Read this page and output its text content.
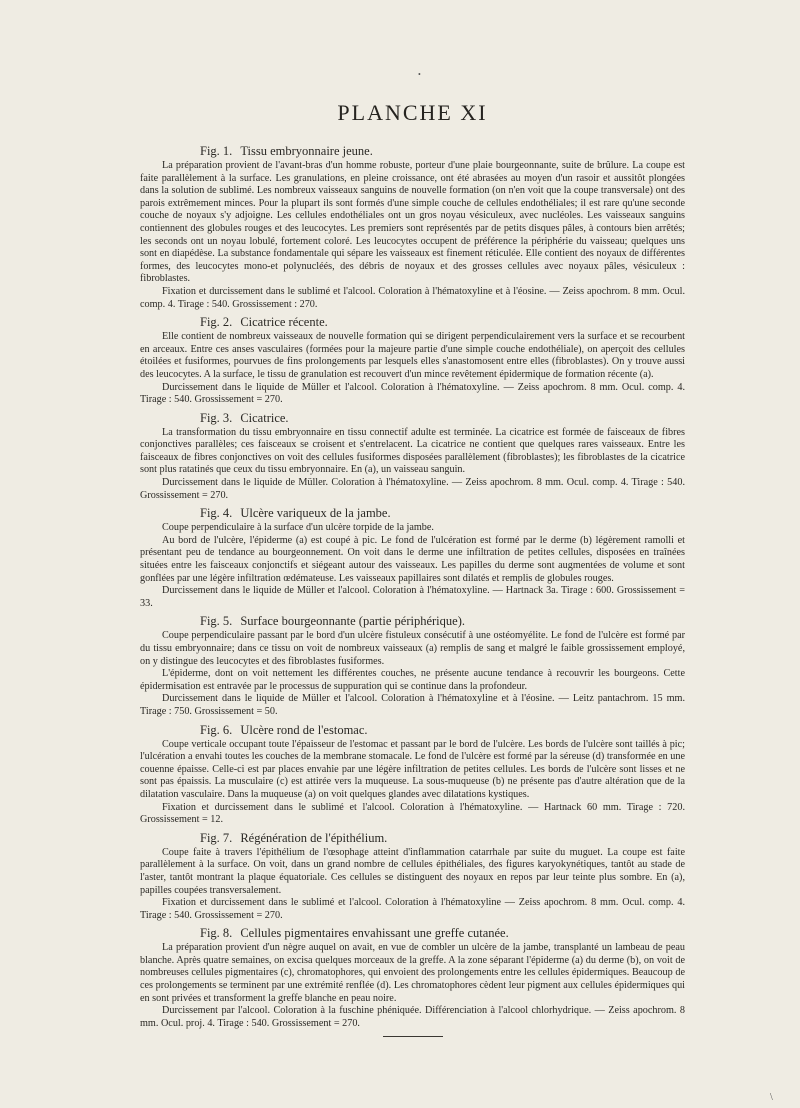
•
PLANCHE XI
Fig. 1. Tissu embryonnaire jeune.

La préparation provient de l'avant-bras d'un homme robuste, porteur d'une plaie bourgeonnante, suite de brûlure. La coupe est faite parallèlement à la surface. Les granulations, en pleine croissance, ont été abrasées au moyen d'un rasoir et aussitôt plongées dans la solution de sublimé. Les nombreux vaisseaux sanguins de nouvelle formation (on n'en voit que la coupe transversale) ont des parois extrêmement minces. Pour la plupart ils sont formés d'une simple couche de cellules endothéliales; il est rare qu'une seconde couche de noyaux s'y adjoigne. Les cellules endothéliales ont un gros noyau vésiculeux, avec nucléoles. Les vaisseaux sanguins contiennent des globules rouges et des leucocytes. Les premiers sont représentés par de petits disques pâles, à contours bien arrêtés; les seconds ont un noyau lobulé, fortement coloré. Les leucocytes occupent de préférence la périphérie du vaisseau; quelques uns sont en diapédèse. La substance fondamentale qui sépare les vaisseaux est finement réticulée. Elle contient des noyaux de différentes formes, des leucocytes mono-et polynucléés, des débris de noyaux et des grosses cellules avec noyaux pâles, vésiculeux : fibroblastes.

Fixation et durcissement dans le sublimé et l'alcool. Coloration à l'hématoxyline et à l'éosine. — Zeiss apochrom. 8 mm. Ocul. comp. 4. Tirage : 540. Grossissement : 270.

Fig. 2. Cicatrice récente.

Elle contient de nombreux vaisseaux de nouvelle formation qui se dirigent perpendiculairement vers la surface et se recourbent en arceaux. Entre ces anses vasculaires (formées pour la majeure partie d'une simple couche endothéliale), on aperçoit des cellules étoilées et fusiformes, pourvues de fins prolongements par lesquels elles s'anastomosent entre elles (fibroblastes). On y trouve aussi des leucocytes. A la surface, le tissu de granulation est recouvert d'un mince revêtement épidermique de formation récente (a).

Durcissement dans le liquide de Müller et l'alcool. Coloration à l'hématoxyline. — Zeiss apochrom. 8 mm. Ocul. comp. 4. Tirage : 540. Grossissement = 270.

Fig. 3. Cicatrice.

La transformation du tissu embryonnaire en tissu connectif adulte est terminée. La cicatrice est formée de faisceaux de fibres conjonctives parallèles; ces faisceaux se croisent et s'entrelacent. La cicatrice ne contient que quelques rares vaisseaux. Entre les faisceaux de fibres conjonctives on voit des cellules fusiformes disposées parallèlement (fibroblastes); les fibroblastes de la cicatrice sont plus ratatinés que ceux du tissu embryonnaire. En (a), un vaisseau sanguin.

Durcissement dans le liquide de Müller. Coloration à l'hématoxyline. — Zeiss apochrom. 8 mm. Ocul. comp. 4. Tirage : 540. Grossissement = 270.

Fig. 4. Ulcère variqueux de la jambe.

Coupe perpendiculaire à la surface d'un ulcère torpide de la jambe.

Au bord de l'ulcère, l'épiderme (a) est coupé à pic. Le fond de l'ulcération est formé par le derme (b) légèrement ramolli et présentant peu de tendance au bourgeonnement. On voit dans le derme une infiltration de petites cellules, disposées en traînées situées entre les faisceaux conjonctifs et siégeant autour des vaisseaux. Les papilles du derme sont augmentées de volume et sont gonflées par une légère infiltration œdémateuse. Les vaisseaux papillaires sont dilatés et remplis de globules rouges.

Durcissement dans le liquide de Müller et l'alcool. Coloration à l'hématoxyline. — Hartnack 3a. Tirage : 600. Grossissement = 33.

Fig. 5. Surface bourgeonnante (partie périphérique).

Coupe perpendiculaire passant par le bord d'un ulcère fistuleux consécutif à une ostéomyélite. Le fond de l'ulcère est formé par du tissu embryonnaire; dans ce tissu on voit de nombreux vaisseaux (a) remplis de sang et malgré le faible grossissement employé, on y distingue des leucocytes et des fibroblastes fusiformes.

L'épiderme, dont on voit nettement les différentes couches, ne présente aucune tendance à recouvrir les bourgeons. Cette épidermisation est entravée par le processus de suppuration qui se continue dans la profondeur.

Durcissement dans le liquide de Müller et l'alcool. Coloration à l'hématoxyline et à l'éosine. — Leitz pantachrom. 15 mm. Tirage : 750. Grossissement = 50.

Fig. 6. Ulcère rond de l'estomac.

Coupe verticale occupant toute l'épaisseur de l'estomac et passant par le bord de l'ulcère. Les bords de l'ulcère sont taillés à pic; l'ulcération a envahi toutes les couches de la membrane stomacale. Le fond de l'ulcère est formé par la séreuse (d) transformée en une couenne épaisse. Celle-ci est par places envahie par une légère infiltration de petites cellules. Les bords de l'ulcère sont lisses et ne sont pas épaissis. La musculaire (c) est attirée vers la muqueuse. La sous-muqueuse (b) ne présente pas d'autre altération que de la dilatation vasculaire. Dans la muqueuse (a) on voit quelques glandes avec dilatations kystiques.

Fixation et durcissement dans le sublimé et l'alcool. Coloration à l'hématoxyline. — Hartnack 60 mm. Tirage : 720. Grossissement = 12.

Fig. 7. Régénération de l'épithélium.

Coupe faite à travers l'épithélium de l'œsophage atteint d'inflammation catarrhale par suite du muguet. La coupe est faite parallèlement à la surface. On voit, dans un grand nombre de cellules épithéliales, des figures karyokynétiques, tantôt au stade de l'aster, tantôt montrant la plaque équatoriale. Ces cellules se distinguent des noyaux en repos par leur teinte plus sombre. En (a), papilles coupées transversalement.

Fixation et durcissement dans le sublimé et l'alcool. Coloration à l'hématoxyline — Zeiss apochrom. 8 mm. Ocul. comp. 4. Tirage : 540. Grossissement = 270.

Fig. 8. Cellules pigmentaires envahissant une greffe cutanée.

La préparation provient d'un nègre auquel on avait, en vue de combler un ulcère de la jambe, transplanté un lambeau de peau blanche. Après quatre semaines, on excisa quelques morceaux de la greffe. A la zone séparant l'épiderme (a) du derme (b), on voit de nombreuses cellules pigmentaires (c), chromatophores, qui envoient des prolongements entre les cellules épidermiques. Beaucoup de ces prolongements se terminent par une extrémité renflée (d). Les chromatophores cèdent leur pigment aux cellules épidermiques qui en sont privées et transforment la greffe blanche en peau noire.

Durcissement par l'alcool. Coloration à la fuschine phéniquée. Différenciation à l'alcool chlorhydrique. — Zeiss apochrom. 8 mm. Ocul. proj. 4. Tirage : 540. Grossissement = 270.

\
